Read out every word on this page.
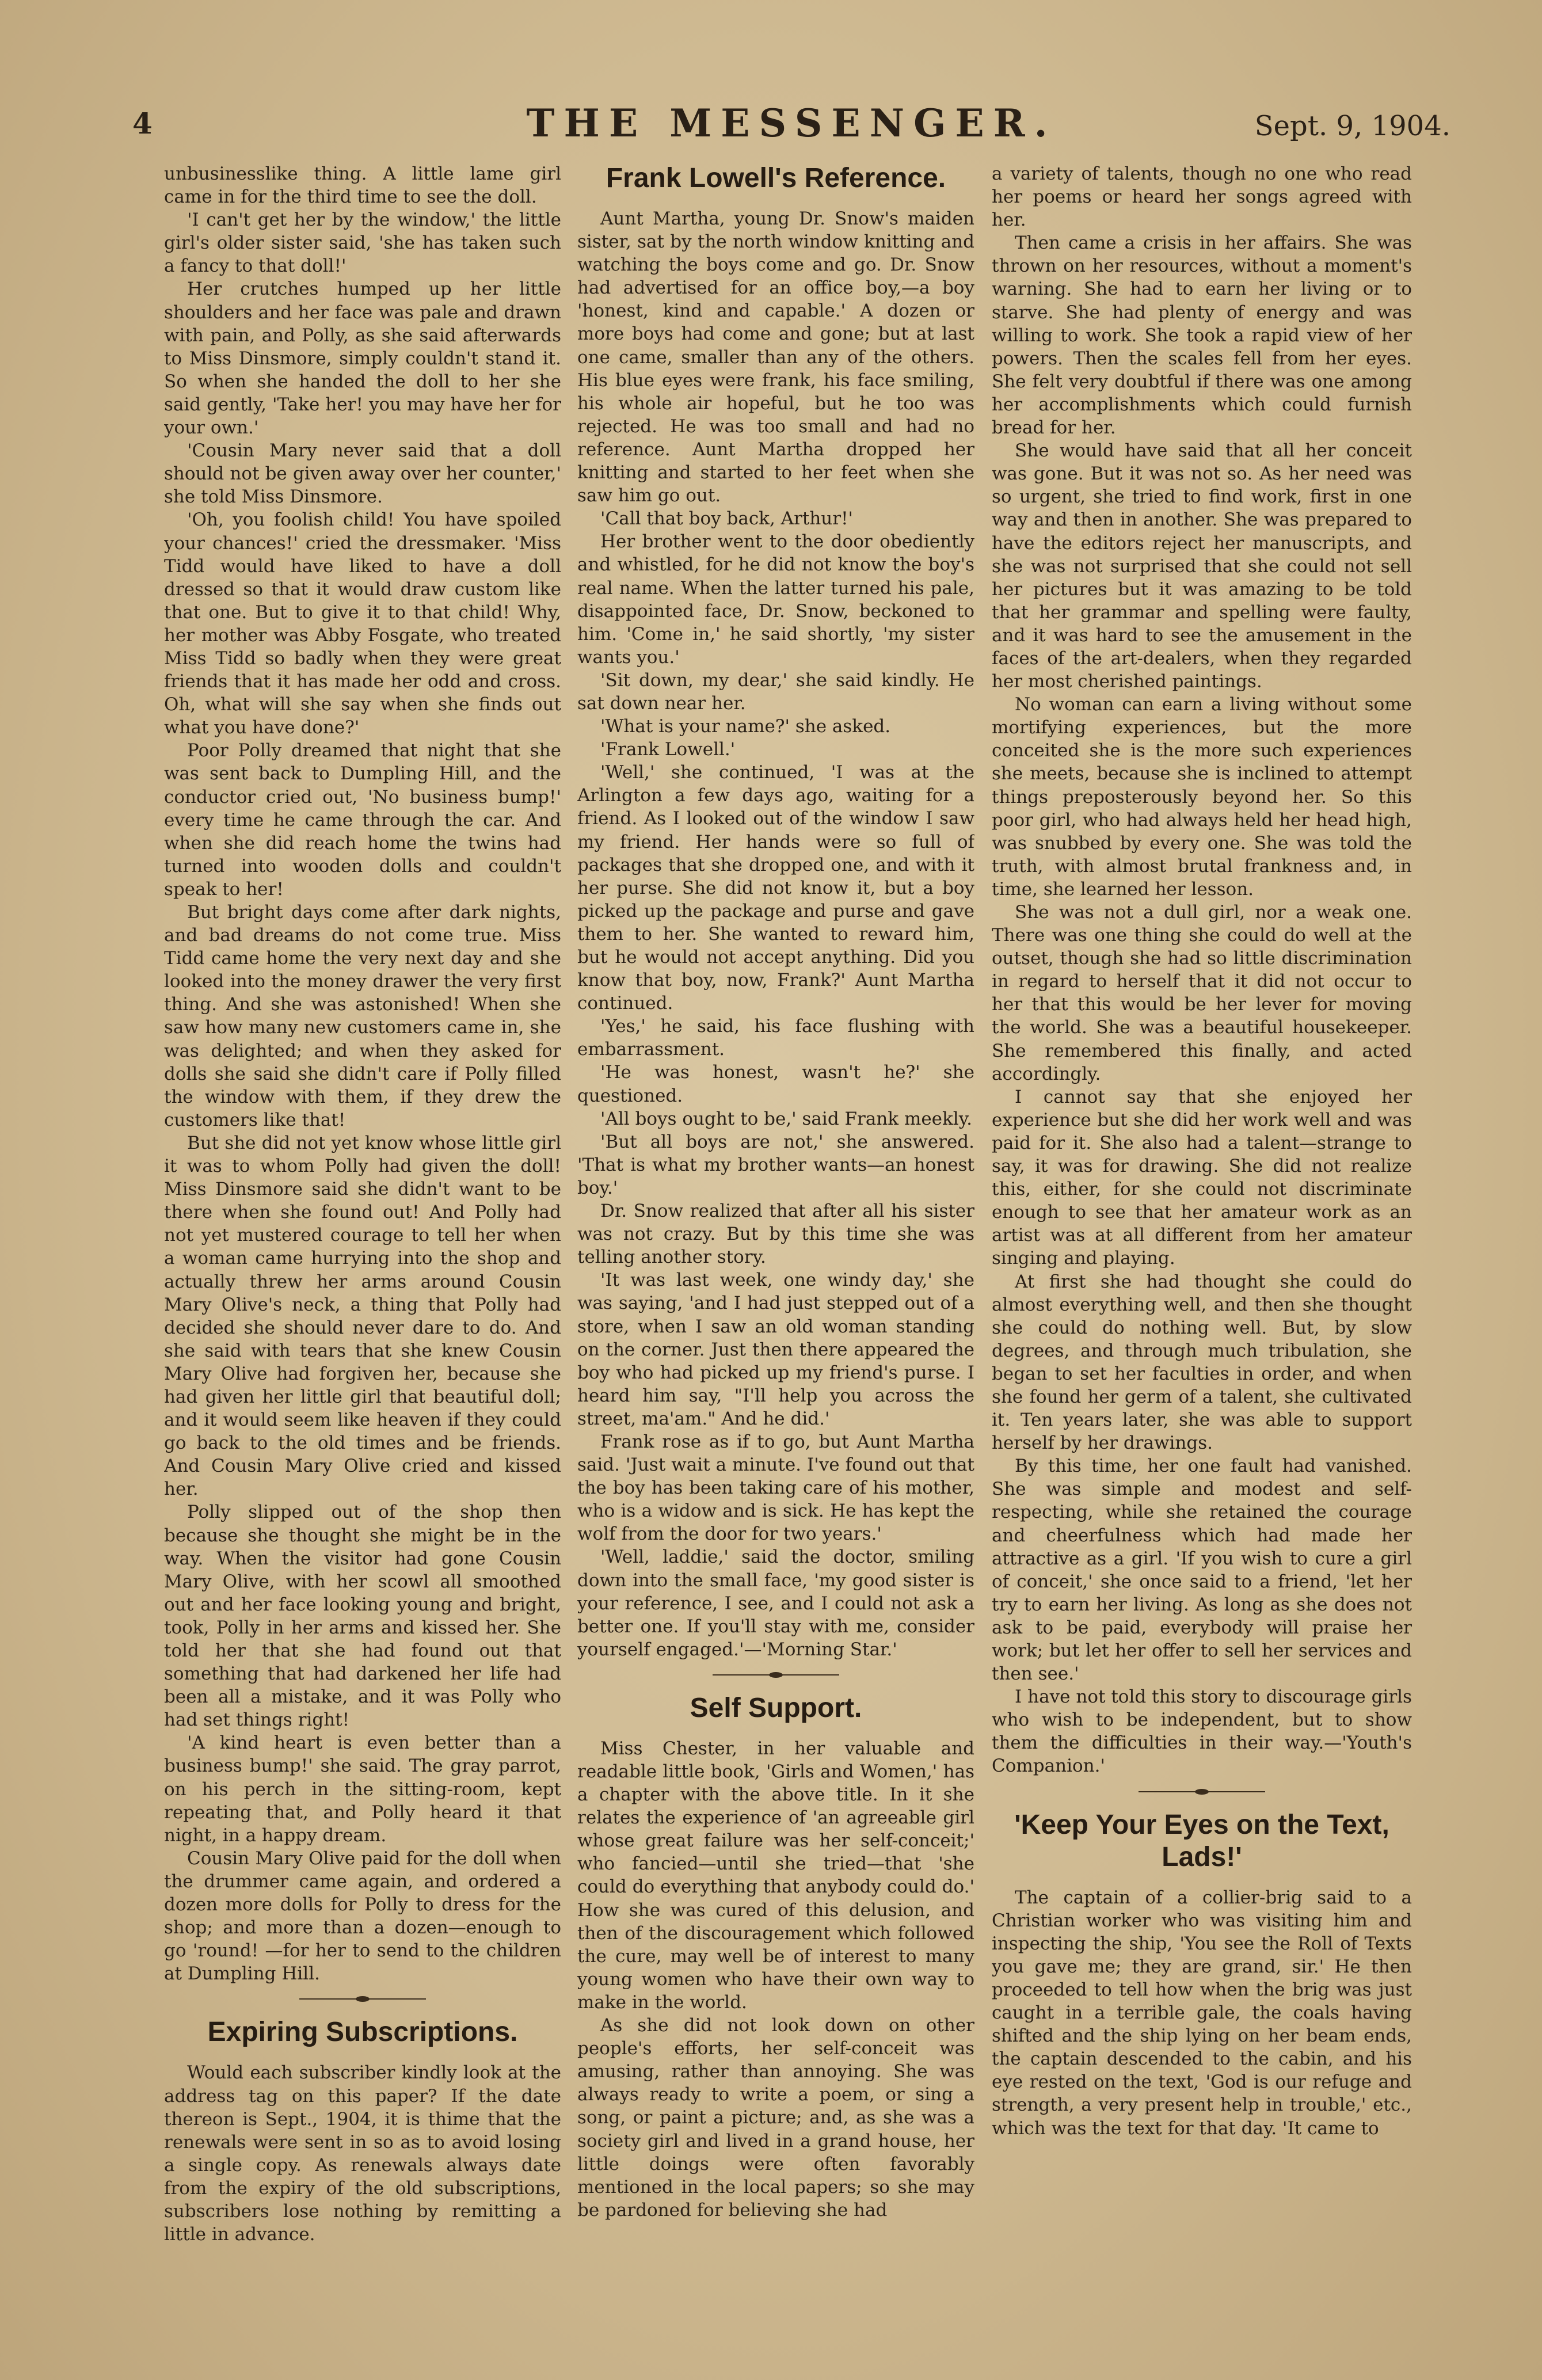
4	THE MESSENGER.	Sept. 9, 1904.

unbusinesslike thing. A little lame girl came in for the third time to see the doll.

'I can't get her by the window,' the little girl's older sister said, 'she has taken such a fancy to that doll!'

Her crutches humped up her little shoulders and her face was pale and drawn with pain, and Polly, as she said afterwards to Miss Dinsmore, simply couldn't stand it. So when she handed the doll to her she said gently, 'Take her! you may have her for your own.'

'Cousin Mary never said that a doll should not be given away over her counter,' she told Miss Dinsmore.

'Oh, you foolish child! You have spoiled your chances!' cried the dressmaker. 'Miss Tidd would have liked to have a doll dressed so that it would draw custom like that one. But to give it to that child! Why, her mother was Abby Fosgate, who treated Miss Tidd so badly when they were great friends that it has made her odd and cross. Oh, what will she say when she finds out what you have done?'

Poor Polly dreamed that night that she was sent back to Dumpling Hill, and the conductor cried out, 'No business bump!' every time he came through the car. And when she did reach home the twins had turned into wooden dolls and couldn't speak to her!

But bright days come after dark nights, and bad dreams do not come true. Miss Tidd came home the very next day and she looked into the money drawer the very first thing. And she was astonished! When she saw how many new customers came in, she was delighted; and when they asked for dolls she said she didn't care if Polly filled the window with them, if they drew the customers like that!

But she did not yet know whose little girl it was to whom Polly had given the doll! Miss Dinsmore said she didn't want to be there when she found out! And Polly had not yet mustered courage to tell her when a woman came hurrying into the shop and actually threw her arms around Cousin Mary Olive's neck, a thing that Polly had decided she should never dare to do. And she said with tears that she knew Cousin Mary Olive had forgiven her, because she had given her little girl that beautiful doll; and it would seem like heaven if they could go back to the old times and be friends. And Cousin Mary Olive cried and kissed her.

Polly slipped out of the shop then because she thought she might be in the way. When the visitor had gone Cousin Mary Olive, with her scowl all smoothed out and her face looking young and bright, took, Polly in her arms and kissed her. She told her that she had found out that something that had darkened her life had been all a mistake, and it was Polly who had set things right!

'A kind heart is even better than a business bump!' she said. The gray parrot, on his perch in the sitting-room, kept repeating that, and Polly heard it that night, in a happy dream.

Cousin Mary Olive paid for the doll when the drummer came again, and ordered a dozen more dolls for Polly to dress for the shop; and more than a dozen—enough to go 'round! —for her to send to the children at Dumpling Hill.

Expiring Subscriptions.

Would each subscriber kindly look at the address tag on this paper? If the date thereon is Sept., 1904, it is thime that the renewals were sent in so as to avoid losing a single copy. As renewals always date from the expiry of the old subscriptions, subscribers lose nothing by remitting a little in advance.

Frank Lowell's Reference.

Aunt Martha, young Dr. Snow's maiden sister, sat by the north window knitting and watching the boys come and go. Dr. Snow had advertised for an office boy,—a boy 'honest, kind and capable.' A dozen or more boys had come and gone; but at last one came, smaller than any of the others. His blue eyes were frank, his face smiling, his whole air hopeful, but he too was rejected. He was too small and had no reference. Aunt Martha dropped her knitting and started to her feet when she saw him go out.

'Call that boy back, Arthur!'

Her brother went to the door obediently and whistled, for he did not know the boy's real name. When the latter turned his pale, disappointed face, Dr. Snow, beckoned to him. 'Come in,' he said shortly, 'my sister wants you.'

'Sit down, my dear,' she said kindly. He sat down near her.

'What is your name?' she asked.

'Frank Lowell.'

'Well,' she continued, 'I was at the Arlington a few days ago, waiting for a friend. As I looked out of the window I saw my friend. Her hands were so full of packages that she dropped one, and with it her purse. She did not know it, but a boy picked up the package and purse and gave them to her. She wanted to reward him, but he would not accept anything. Did you know that boy, now, Frank?' Aunt Martha continued.

'Yes,' he said, his face flushing with embarrassment.

'He was honest, wasn't he?' she questioned.

'All boys ought to be,' said Frank meekly.

'But all boys are not,' she answered. 'That is what my brother wants—an honest boy.'

Dr. Snow realized that after all his sister was not crazy. But by this time she was telling another story.

'It was last week, one windy day,' she was saying, 'and I had just stepped out of a store, when I saw an old woman standing on the corner. Just then there appeared the boy who had picked up my friend's purse. I heard him say, "I'll help you across the street, ma'am." And he did.'

Frank rose as if to go, but Aunt Martha said. 'Just wait a minute. I've found out that the boy has been taking care of his mother, who is a widow and is sick. He has kept the wolf from the door for two years.'

'Well, laddie,' said the doctor, smiling down into the small face, 'my good sister is your reference, I see, and I could not ask a better one. If you'll stay with me, consider yourself engaged.'—'Morning Star.'

Self Support.

Miss Chester, in her valuable and readable little book, 'Girls and Women,' has a chapter with the above title. In it she relates the experience of 'an agreeable girl whose great failure was her self-conceit;' who fancied—until she tried—that 'she could do everything that anybody could do.' How she was cured of this delusion, and then of the discouragement which followed the cure, may well be of interest to many young women who have their own way to make in the world.

As she did not look down on other people's efforts, her self-conceit was amusing, rather than annoying. She was always ready to write a poem, or sing a song, or paint a picture; and, as she was a society girl and lived in a grand house, her little doings were often favorably mentioned in the local papers; so she may be pardoned for believing she had

a variety of talents, though no one who read her poems or heard her songs agreed with her.

Then came a crisis in her affairs. She was thrown on her resources, without a moment's warning. She had to earn her living or to starve. She had plenty of energy and was willing to work. She took a rapid view of her powers. Then the scales fell from her eyes. She felt very doubtful if there was one among her accomplishments which could furnish bread for her.

She would have said that all her conceit was gone. But it was not so. As her need was so urgent, she tried to find work, first in one way and then in another. She was prepared to have the editors reject her manuscripts, and she was not surprised that she could not sell her pictures but it was amazing to be told that her grammar and spelling were faulty, and it was hard to see the amusement in the faces of the art-dealers, when they regarded her most cherished paintings.

No woman can earn a living without some mortifying experiences, but the more conceited she is the more such experiences she meets, because she is inclined to attempt things preposterously beyond her. So this poor girl, who had always held her head high, was snubbed by every one. She was told the truth, with almost brutal frankness and, in time, she learned her lesson.

She was not a dull girl, nor a weak one. There was one thing she could do well at the outset, though she had so little discrimination in regard to herself that it did not occur to her that this would be her lever for moving the world. She was a beautiful housekeeper. She remembered this finally, and acted accordingly.

I cannot say that she enjoyed her experience but she did her work well and was paid for it. She also had a talent—strange to say, it was for drawing. She did not realize this, either, for she could not discriminate enough to see that her amateur work as an artist was at all different from her amateur singing and playing.

At first she had thought she could do almost everything well, and then she thought she could do nothing well. But, by slow degrees, and through much tribulation, she began to set her faculties in order, and when she found her germ of a talent, she cultivated it. Ten years later, she was able to support herself by her drawings.

By this time, her one fault had vanished. She was simple and modest and self-respecting, while she retained the courage and cheerfulness which had made her attractive as a girl. 'If you wish to cure a girl of conceit,' she once said to a friend, 'let her try to earn her living. As long as she does not ask to be paid, everybody will praise her work; but let her offer to sell her services and then see.'

I have not told this story to discourage girls who wish to be independent, but to show them the difficulties in their way.—'Youth's Companion.'

'Keep Your Eyes on the Text, Lads!'

The captain of a collier-brig said to a Christian worker who was visiting him and inspecting the ship, 'You see the Roll of Texts you gave me; they are grand, sir.' He then proceeded to tell how when the brig was just caught in a terrible gale, the coals having shifted and the ship lying on her beam ends, the captain descended to the cabin, and his eye rested on the text, 'God is our refuge and strength, a very present help in trouble,' etc., which was the text for that day. 'It came to
